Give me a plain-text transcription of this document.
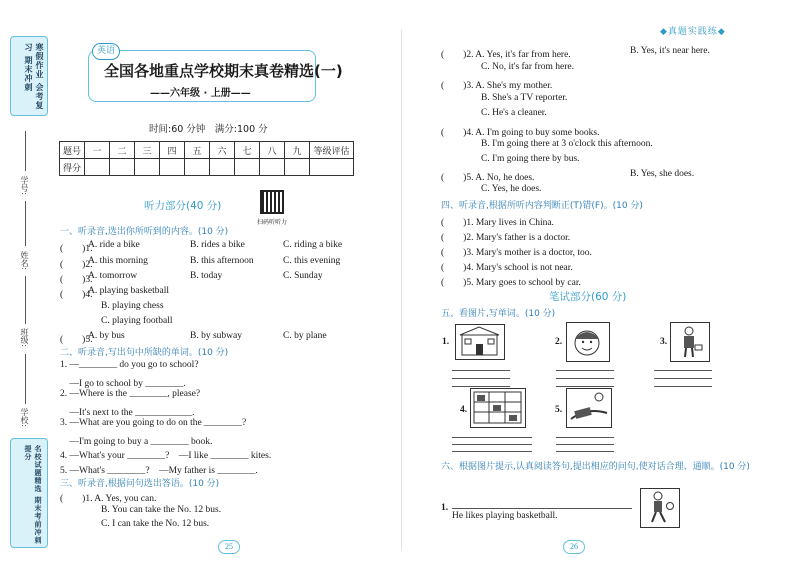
寒假作业 会考复习 期末冲刺
学号:
姓名:
班级:
学校:
名校试题精选 期末考前冲刺提分
英语
全国各地重点学校期末真卷精选(一)
——六年级 · 上册——
时间:60 分钟　满分:100 分
题号	一	二	三	四	五	六	七	八	九	等级评估
得分										
听力部分(40 分)
扫码听听力
一、听录音,选出你所听到的内容。(10 分)
(　　)1.
A. ride a bike	B. rides a bike	C. riding a bike
(　　)2.
A. this morning	B. this afternoon	C. this evening
(　　)3.
A. tomorrow	B. today	C. Sunday
(　　)4.
A. playing basketball
B. playing chess
C. playing football
(　　)5.
A. by bus	B. by subway	C. by plane
二、听录音,写出句中所缺的单词。(10 分)
1. —________ do you go to school?
　—I go to school by ________.
2. —Where is the ________, please?
　—It's next to the ____________.
3. —What are you going to do on the ________?
　—I'm going to buy a ________ book.
4. —What's your ________?　—I like ________ kites.
5. —What's ________?　—My father is ________.
三、听录音,根据问句选出答语。(10 分)
(　　)1. A. Yes, you can.
B. You can take the No. 12 bus.
C. I can take the No. 12 bus.
25
◆真题实践练◆
(　　)2. A. Yes, it's far from here.	B. Yes, it's near here.
C. No, it's far from here.
(　　)3. A. She's my mother.
B. She's a TV reporter.
C. He's a cleaner.
(　　)4. A. I'm going to buy some books.
B. I'm going there at 3 o'clock this afternoon.
C. I'm going there by bus.
(　　)5. A. No, he does.	B. Yes, she does.
C. Yes, he does.
四、听录音,根据所听内容判断正(T)错(F)。(10 分)
(　　)1. Mary lives in China.
(　　)2. Mary's father is a doctor.
(　　)3. Mary's mother is a doctor, too.
(　　)4. Mary's school is not near.
(　　)5. Mary goes to school by car.
笔试部分(60 分)
五、看图片,写单词。(10 分)
1.	2.	3.
4.	5.
六、根据图片提示,认真阅读答句,提出相应的问句,使对话合理、通顺。(10 分)
1.
He likes playing basketball.
26
